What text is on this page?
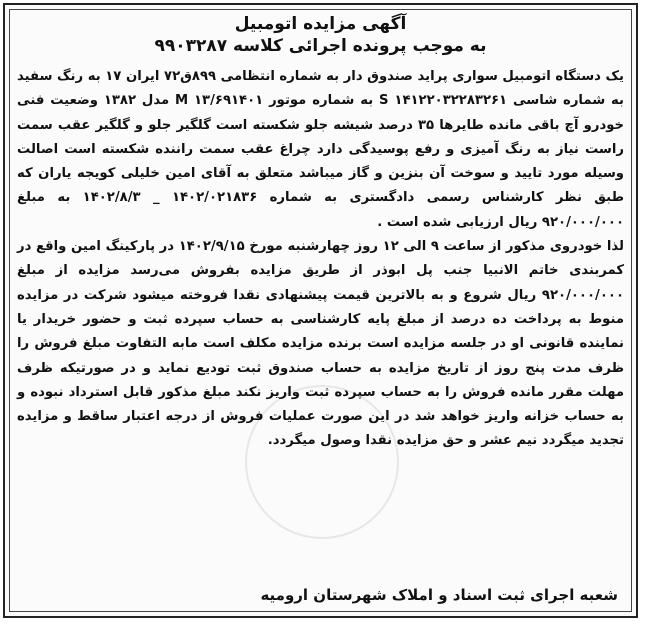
آگهی مزایده اتومبیل
به موجب پرونده اجرائی کلاسه ۹۹۰۳۲۸۷

یک دستگاه اتومبیل سواری پراید صندوق دار به شماره انتظامی ۸۹۹ق۷۲ ایران ۱۷ به رنگ سفید به شماره شاسی ۱۴۱۲۲۰۳۲۲۸۳۲۶۱ S به شماره موتور ۱۳/۶۹۱۴۰۱ M مدل ۱۳۸۲ وضعیت فنی خودرو آچ باقی مانده طایرها ۳۵ درصد شیشه جلو شکسته است گلگیر جلو و گلگیر عقب سمت راست نیاز به رنگ آمیزی و رفع پوسیدگی دارد چراغ عقب سمت راننده شکسته است اصالت وسیله مورد تایید و سوخت آن بنزین و گاز میباشد متعلق به آقای امین خلیلی کویجه یاران که طبق نظر کارشناس رسمی دادگستری به شماره ۱۴۰۲/۰۲۱۸۳۶ _ ۱۴۰۲/۸/۳ به مبلغ ۹۲۰/۰۰۰/۰۰۰ ریال ارزیابی شده است .

لذا خودروی مذکور از ساعت ۹ الی ۱۲ روز چهارشنبه مورخ ۱۴۰۲/۹/۱۵ در پارکینگ امین واقع در کمربندی خاتم الانبیا جنب پل ابوذر از طریق مزایده بفروش می‌رسد مزایده از مبلغ ۹۲۰/۰۰۰/۰۰۰ ریال شروع و به بالاترین قیمت پیشنهادی نقدا فروخته میشود شرکت در مزایده منوط به پرداخت ده درصد از مبلغ پایه کارشناسی به حساب سپرده ثبت و حضور خریدار یا نماینده قانونی او در جلسه مزایده است برنده مزایده مکلف است مابه التفاوت مبلغ فروش را ظرف مدت پنج روز از تاریخ مزایده به حساب صندوق ثبت تودیع نماید و در صورتیکه ظرف مهلت مقرر مانده فروش را به حساب سپرده ثبت واریز نکند مبلغ مذکور قابل استرداد نبوده و به حساب خزانه واریز خواهد شد در این صورت عملیات فروش از درجه اعتبار ساقط و مزایده تجدید میگردد نیم عشر و حق مزایده نقدا وصول میگردد.

شعبه اجرای ثبت اسناد و املاک شهرستان ارومیه
